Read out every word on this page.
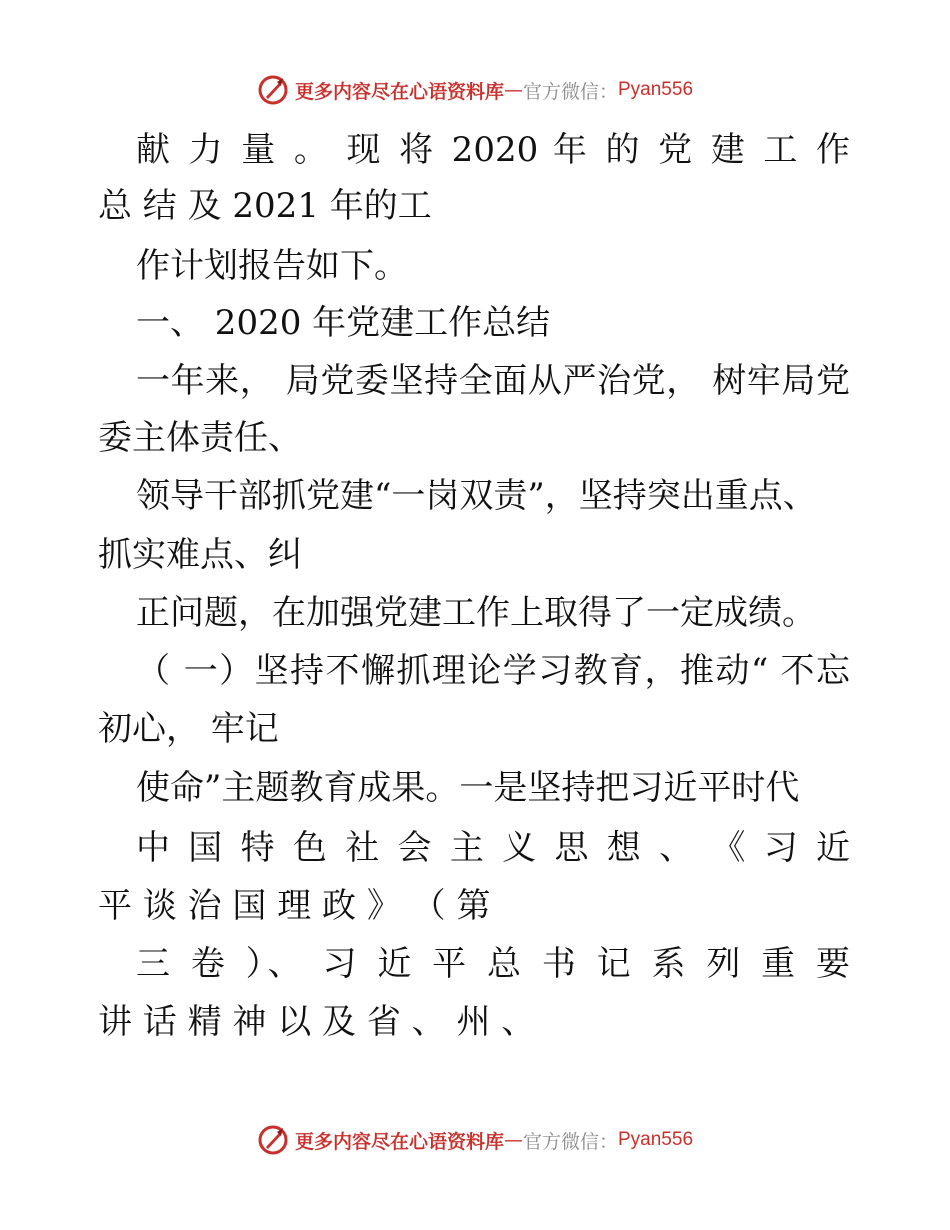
更多内容尽在心语资料库 — 官方微信： Pyan556
献 力 量 。 现 将 2020 年 的 党 建 工 作
总 结 及 2021 年的工
作计划报告如下。
一、 2020 年党建工作总结
一年来， 局党委坚持全面从严治党， 树牢局党
委主体责任、
领导干部抓党建“一岗双责”，坚持突出重点、
抓实难点、纠
正问题，在加强党建工作上取得了一定成绩。
（ 一）坚持不懈抓理论学习教育，推动“ 不忘
初心， 牢记
使命”主题教育成果。一是坚持把习近平时代
中 国 特 色 社 会 主 义 思 想 、 《 习 近
平 谈 治 国 理 政 》 （ 第
三 卷 ）、 习 近 平 总 书 记 系 列 重 要
讲 话 精 神 以 及 省 、 州 、
更多内容尽在心语资料库 — 官方微信： Pyan556
